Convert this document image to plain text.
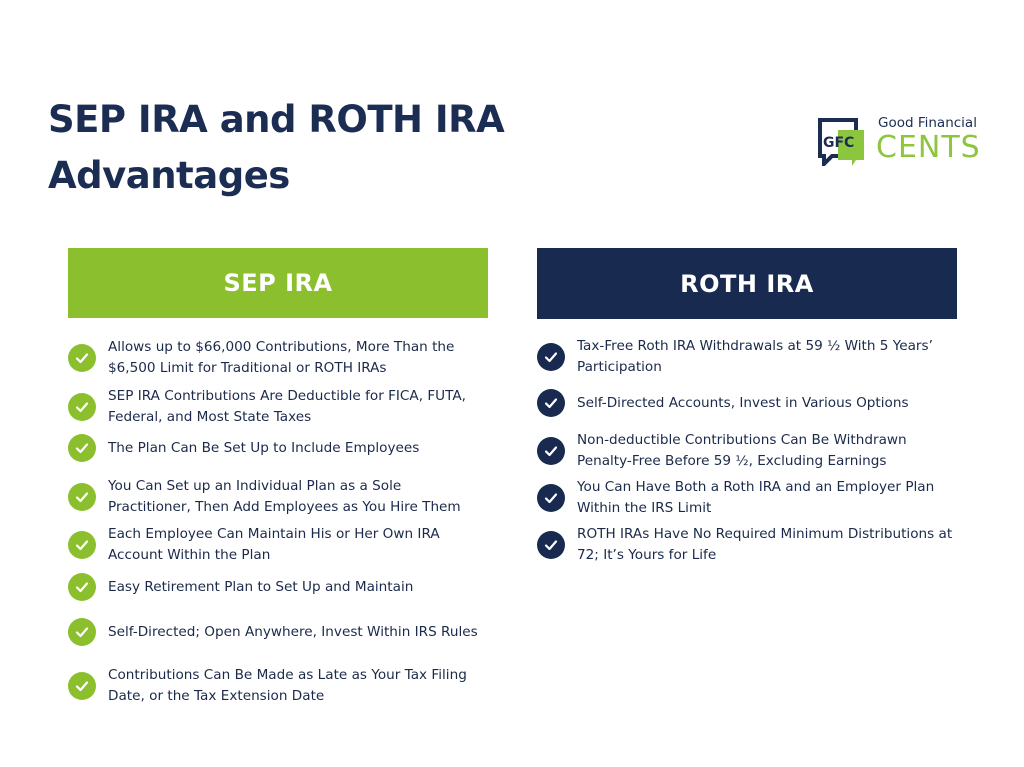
SEP IRA and ROTH IRA
Advantages
GFC
Good Financial
CENTS
SEP IRA
Allows up to $66,000 Contributions, More Than the $6,500 Limit for Traditional or ROTH IRAs
SEP IRA Contributions Are Deductible for FICA, FUTA, Federal, and Most State Taxes
The Plan Can Be Set Up to Include Employees
You Can Set up an Individual Plan as a Sole Practitioner, Then Add Employees as You Hire Them
Each Employee Can Maintain His or Her Own IRA Account Within the Plan
Easy Retirement Plan to Set Up and Maintain
Self-Directed; Open Anywhere, Invest Within IRS Rules
Contributions Can Be Made as Late as Your Tax Filing Date, or the Tax Extension Date
ROTH IRA
Tax-Free Roth IRA Withdrawals at 59 ½ With 5 Years’ Participation
Self-Directed Accounts, Invest in Various Options
Non-deductible Contributions Can Be Withdrawn Penalty-Free Before 59 ½, Excluding Earnings
You Can Have Both a Roth IRA and an Employer Plan Within the IRS Limit
ROTH IRAs Have No Required Minimum Distributions at 72; It’s Yours for Life
